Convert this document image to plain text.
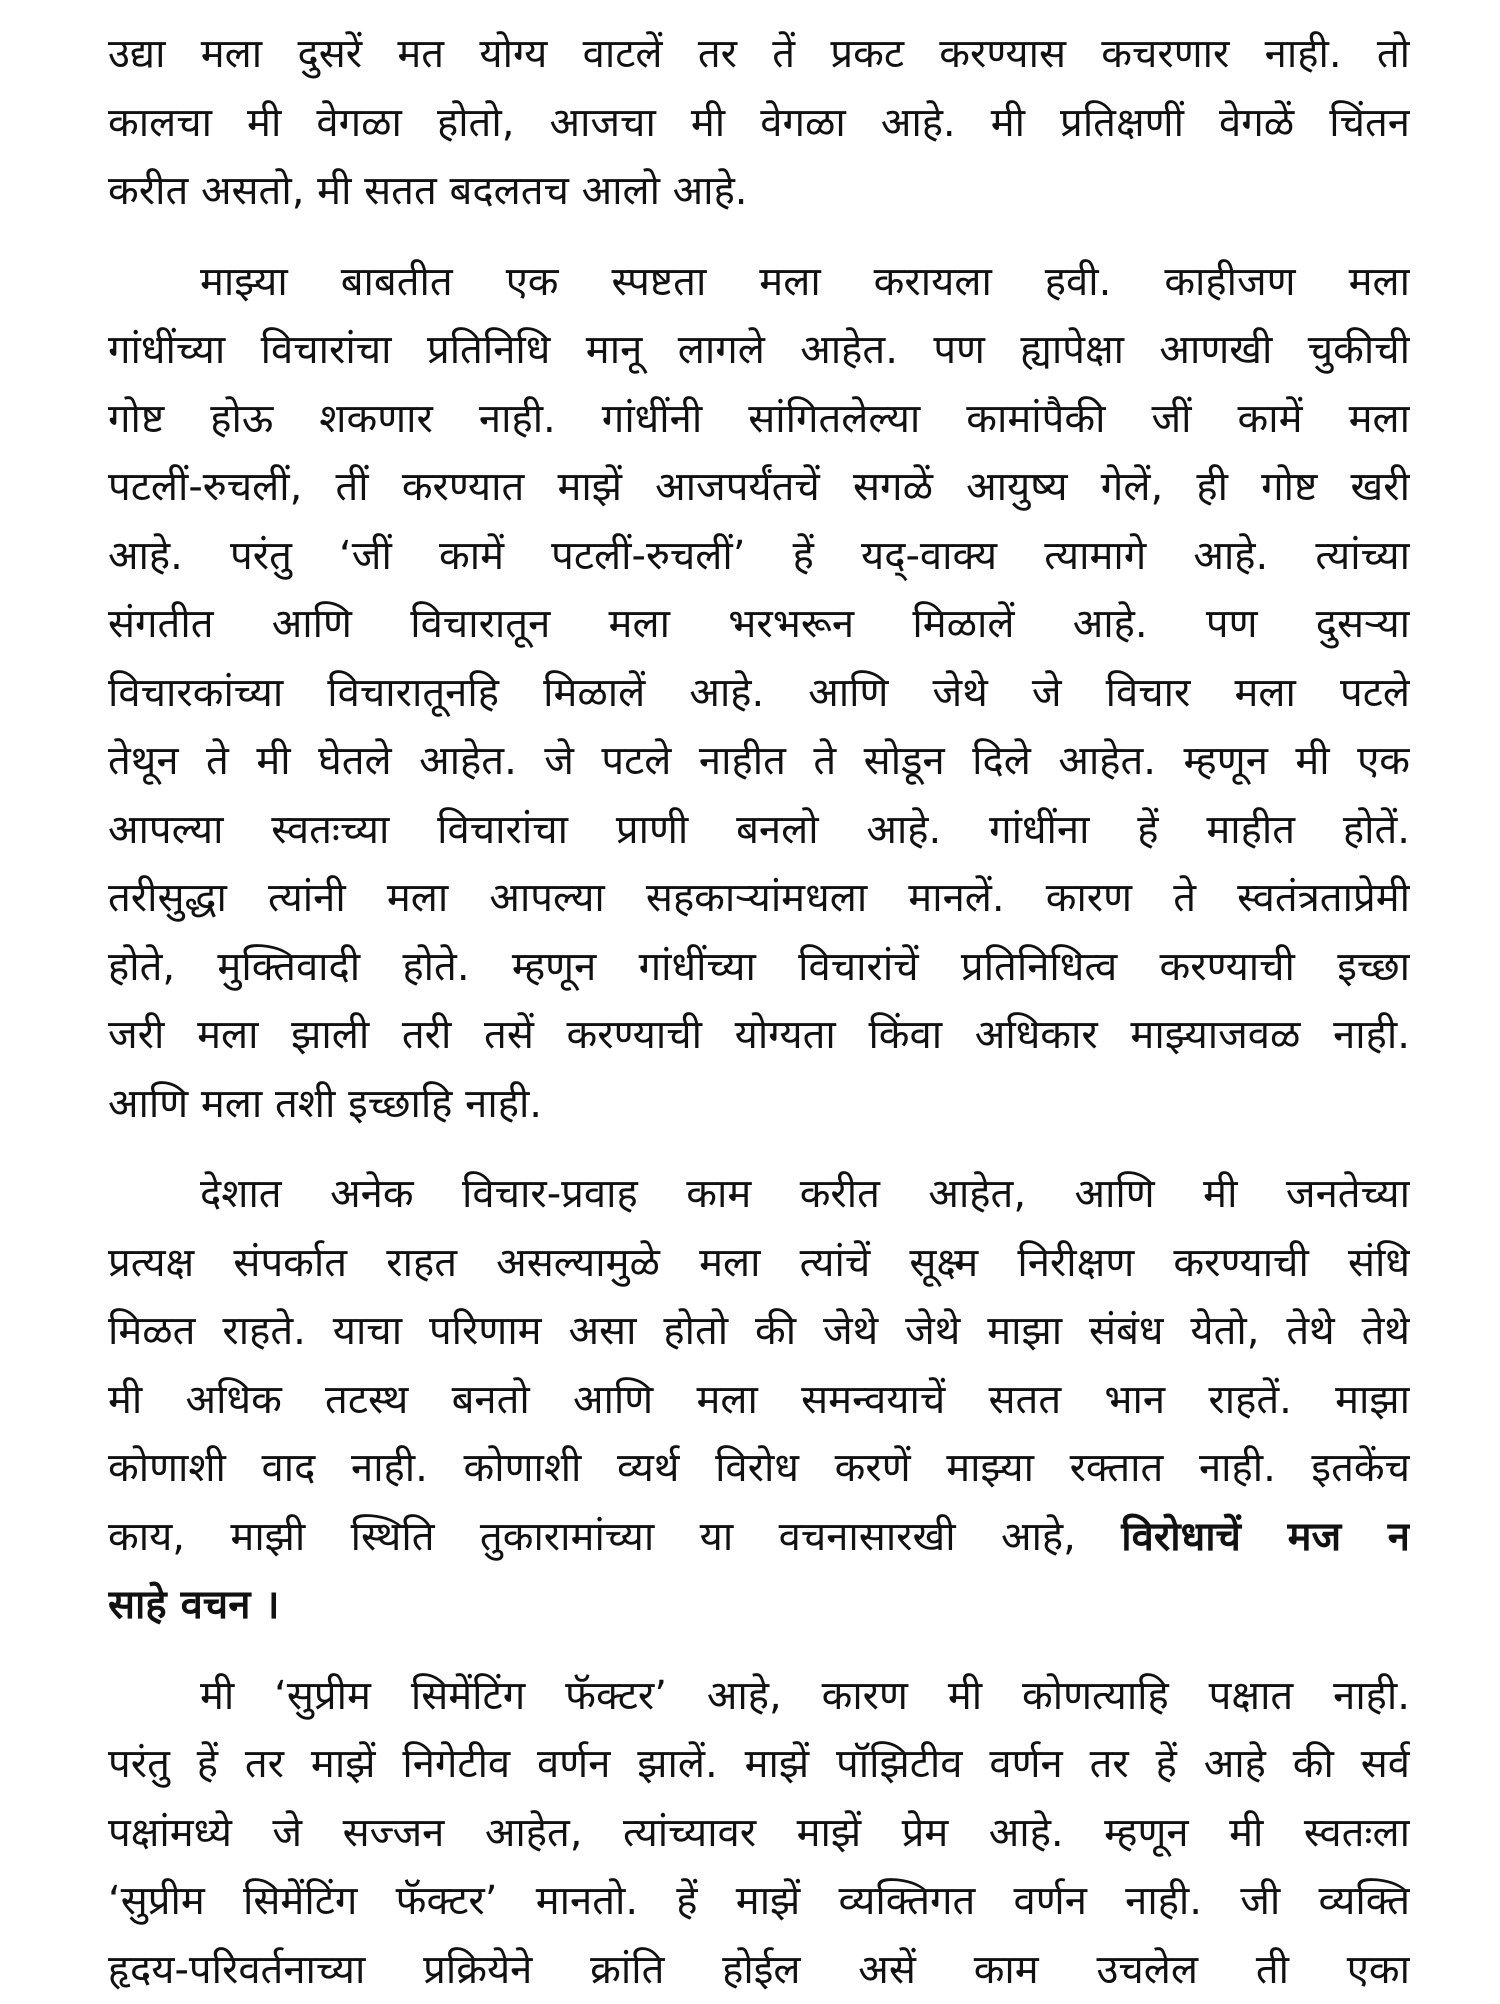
उद्या मला दुसरें मत योग्य वाटलें तर तें प्रकट करण्यास कचरणार नाही. तो
कालचा मी वेगळा होतो, आजचा मी वेगळा आहे. मी प्रतिक्षणीं वेगळें चिंतन
करीत असतो, मी सतत बदलतच आलो आहे.
माझ्या बाबतीत एक स्पष्टता मला करायला हवी. काहीजण मला
गांधींच्या विचारांचा प्रतिनिधि मानू लागले आहेत. पण ह्यापेक्षा आणखी चुकीची
गोष्ट होऊ शकणार नाही. गांधींनी सांगितलेल्या कामांपैकी जीं कामें मला
पटलीं-रुचलीं, तीं करण्यात माझें आजपर्यंतचें सगळें आयुष्य गेलें, ही गोष्ट खरी
आहे. परंतु ‘जीं कामें पटलीं-रुचलीं’ हें यद्-वाक्य त्यामागे आहे. त्यांच्या
संगतीत आणि विचारातून मला भरभरून मिळालें आहे. पण दुसऱ्या
विचारकांच्या विचारातूनहि मिळालें आहे. आणि जेथे जे विचार मला पटले
तेथून ते मी घेतले आहेत. जे पटले नाहीत ते सोडून दिले आहेत. म्हणून मी एक
आपल्या स्वतःच्या विचारांचा प्राणी बनलो आहे. गांधींना हें माहीत होतें.
तरीसुद्धा त्यांनी मला आपल्या सहकाऱ्यांमधला मानलें. कारण ते स्वतंत्रताप्रेमी
होते, मुक्तिवादी होते. म्हणून गांधींच्या विचारांचें प्रतिनिधित्व करण्याची इच्छा
जरी मला झाली तरी तसें करण्याची योग्यता किंवा अधिकार माझ्याजवळ नाही.
आणि मला तशी इच्छाहि नाही.
देशात अनेक विचार-प्रवाह काम करीत आहेत, आणि मी जनतेच्या
प्रत्यक्ष संपर्कात राहत असल्यामुळे मला त्यांचें सूक्ष्म निरीक्षण करण्याची संधि
मिळत राहते. याचा परिणाम असा होतो की जेथे जेथे माझा संबंध येतो, तेथे तेथे
मी अधिक तटस्थ बनतो आणि मला समन्वयाचें सतत भान राहतें. माझा
कोणाशी वाद नाही. कोणाशी व्यर्थ विरोध करणें माझ्या रक्तात नाही. इतकेंच
काय, माझी स्थिति तुकारामांच्या या वचनासारखी आहे, विरोधाचें मज न
साहे वचन ।
मी ‘सुप्रीम सिमेंटिंग फॅक्टर’ आहे, कारण मी कोणत्याहि पक्षात नाही.
परंतु हें तर माझें निगेटीव वर्णन झालें. माझें पॉझिटीव वर्णन तर हें आहे की सर्व
पक्षांमध्ये जे सज्जन आहेत, त्यांच्यावर माझें प्रेम आहे. म्हणून मी स्वतःला
‘सुप्रीम सिमेंटिंग फॅक्टर’ मानतो. हें माझें व्यक्तिगत वर्णन नाही. जी व्यक्ति
हृदय-परिवर्तनाच्या प्रक्रियेने क्रांति होईल असें काम उचलेल ती एका
